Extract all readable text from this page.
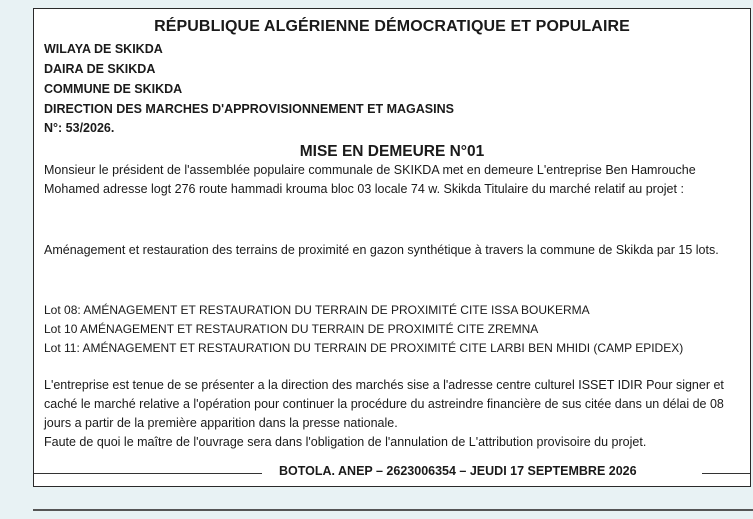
RÉPUBLIQUE ALGÉRIENNE DÉMOCRATIQUE ET POPULAIRE
WILAYA DE SKIKDA
DAIRA DE SKIKDA
COMMUNE DE SKIKDA
DIRECTION DES MARCHES D'APPROVISIONNEMENT ET MAGASINS
N°: 53/2026.
MISE EN DEMEURE N°01
Monsieur le président de l'assemblée populaire communale de SKIKDA met en demeure L'entreprise Ben Hamrouche Mohamed adresse logt 276 route hammadi krouma bloc 03 locale 74 w. Skikda Titulaire du marché relatif au projet :
Aménagement et restauration des terrains de proximité en gazon synthétique à travers la commune de Skikda par 15 lots.
Lot 08: AMÉNAGEMENT ET RESTAURATION DU TERRAIN DE PROXIMITÉ CITE ISSA BOUKERMA
Lot 10 AMÉNAGEMENT ET RESTAURATION DU TERRAIN DE PROXIMITÉ CITE ZREMNA
Lot 11: AMÉNAGEMENT ET RESTAURATION DU TERRAIN DE PROXIMITÉ CITE LARBI BEN MHIDI (CAMP EPIDEX)
L'entreprise est tenue de se présenter a la direction des marchés sise a l'adresse centre culturel ISSET IDIR Pour signer et caché le marché relative a l'opération pour continuer la procédure du astreindre financière de sus citée dans un délai de 08 jours a partir de la première apparition dans la presse nationale.
Faute de quoi le maître de l'ouvrage sera dans l'obligation de l'annulation de L'attribution provisoire du projet.
BOTOLA. ANEP – 2623006354 – JEUDI 17 SEPTEMBRE 2026
